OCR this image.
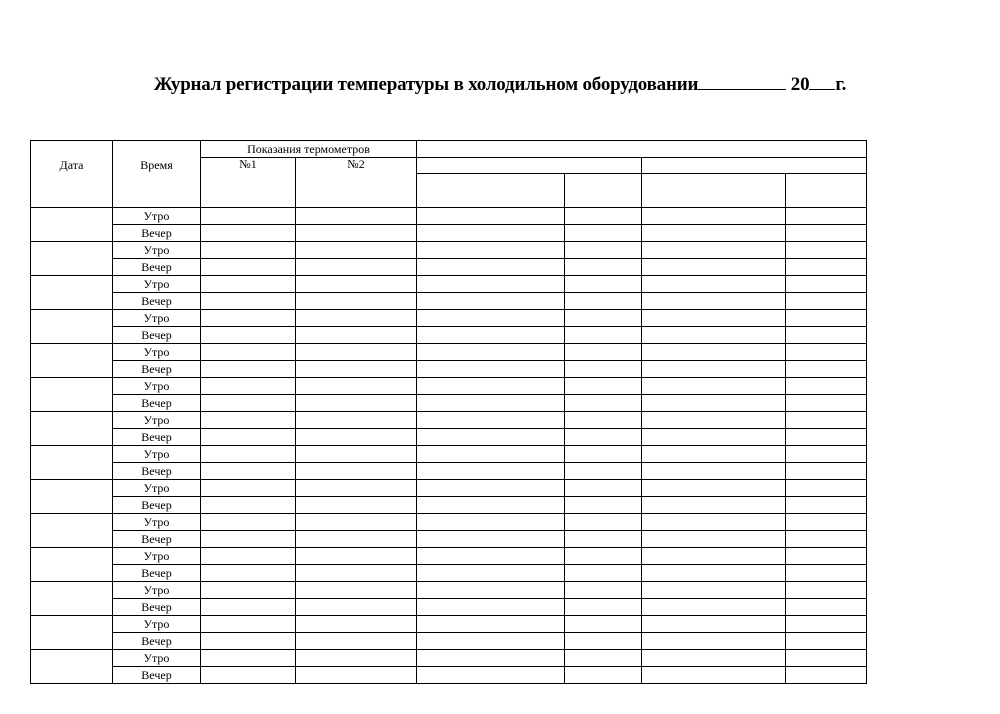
Журнал регистрации температуры в холодильном оборудовании	20 г.
Дата	Время	Показания термометров					
		№1	№2				

	Утро						
	Вечер						
	Утро						
	Вечер						
	Утро						
	Вечер						
	Утро						
	Вечер						
	Утро						
	Вечер						
	Утро						
	Вечер						
	Утро						
	Вечер						
	Утро						
	Вечер						
	Утро						
	Вечер						
	Утро						
	Вечер						
	Утро						
	Вечер						
	Утро						
	Вечер						
	Утро						
	Вечер						
	Утро						
	Вечер						
